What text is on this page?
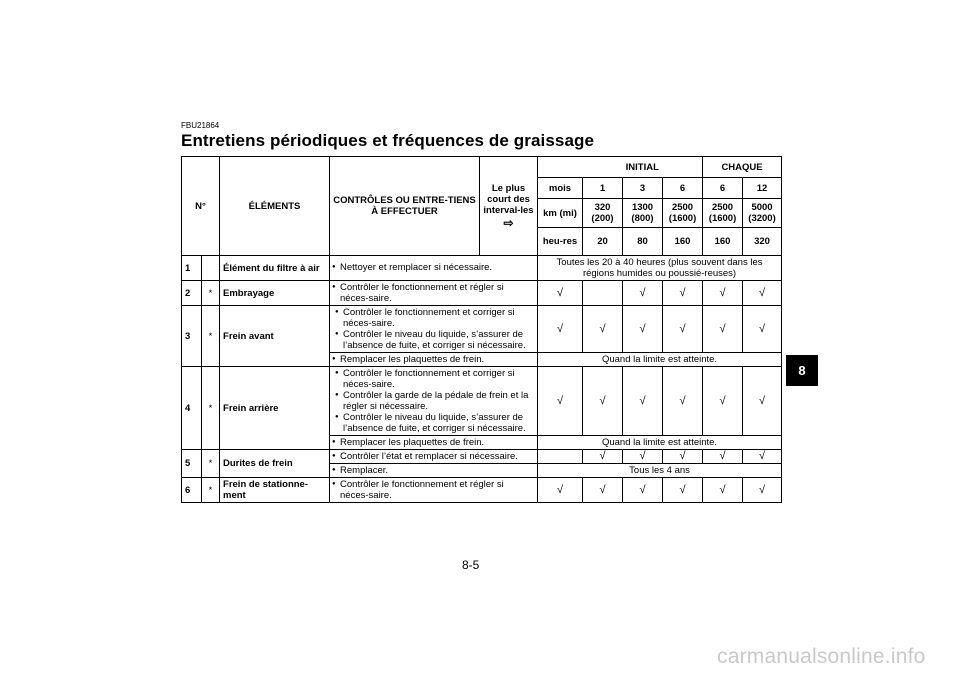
FBU21864
Entretiens périodiques et fréquences de graissage
N°		ÉLÉMENTS	CONTRÔLES OU ENTRE-TIENS À EFFECTUER	Le plus court des interval-les
⇨		INITIAL			CHAQUE	
					mois	1	3	6	6	12
					km (mi)	320 (200)	1300 (800)	2500 (1600)	2500 (1600)	5000 (3200)
					heu-res	20	80	160	160	320
1		Élément du filtre à air	● Nettoyer et remplacer si nécessaire.		Toutes les 20 à 40 heures (plus souvent dans les régions humides ou poussié-reuses)					
2	*	Embrayage	● Contrôler le fonctionnement et régler si néces-saire.		√		√	√	√	√
3	*	Frein avant	● Contrôler le fonctionnement et corriger si néces-saire.
● Contrôler le niveau du liquide, s’assurer de l’absence de fuite, et corriger si nécessaire.		√	√	√	√	√	√
			● Remplacer les plaquettes de frein.		Quand la limite est atteinte.					
4	*	Frein arrière	● Contrôler le fonctionnement et corriger si néces-saire.
● Contrôler la garde de la pédale de frein et la régler si nécessaire.
● Contrôler le niveau du liquide, s’assurer de l’absence de fuite, et corriger si nécessaire.		√	√	√	√	√	√
			● Remplacer les plaquettes de frein.		Quand la limite est atteinte.					
5	*	Durites de frein	● Contrôler l’état et remplacer si nécessaire.			√	√	√	√	√
			● Remplacer.		Tous les 4 ans					
6	*	Frein de stationne-ment	● Contrôler le fonctionnement et régler si néces-saire.		√	√	√	√	√	√
8
8-5
carmanualsonline.info
